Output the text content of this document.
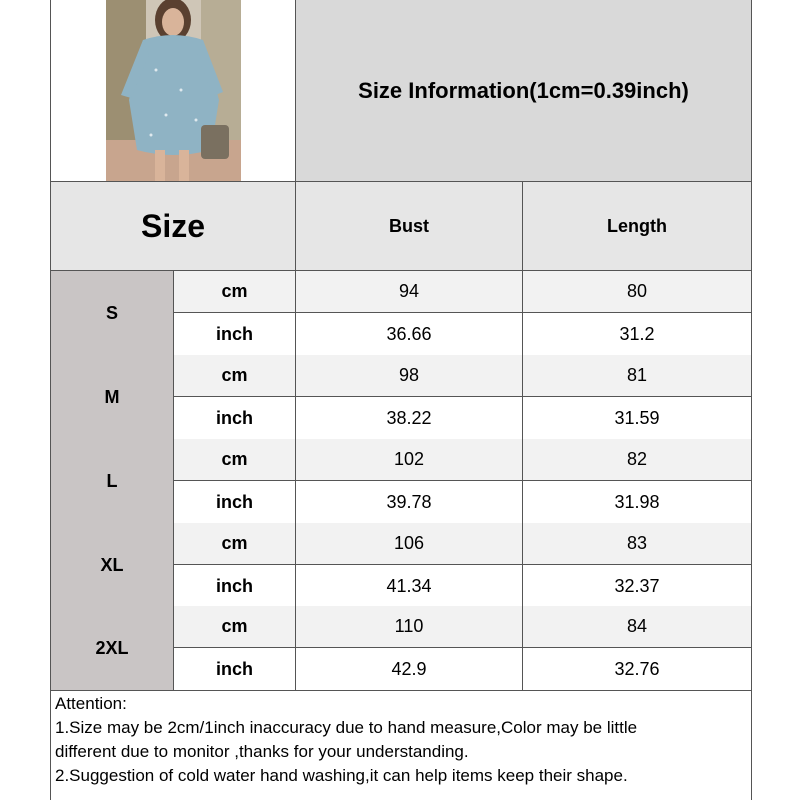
Size Information(1cm=0.39inch)
Size	Bust	Length
S
cm	94	80
inch	36.66	31.2
M
cm	98	81
inch	38.22	31.59
L
cm	102	82
inch	39.78	31.98
XL
cm	106	83
inch	41.34	32.37
2XL
cm	110	84
inch	42.9	32.76
Attention:
1.Size may be 2cm/1inch inaccuracy due to hand measure,Color may be little
different due to monitor ,thanks for your understanding.
2.Suggestion of cold water hand washing,it can help items keep their shape.
